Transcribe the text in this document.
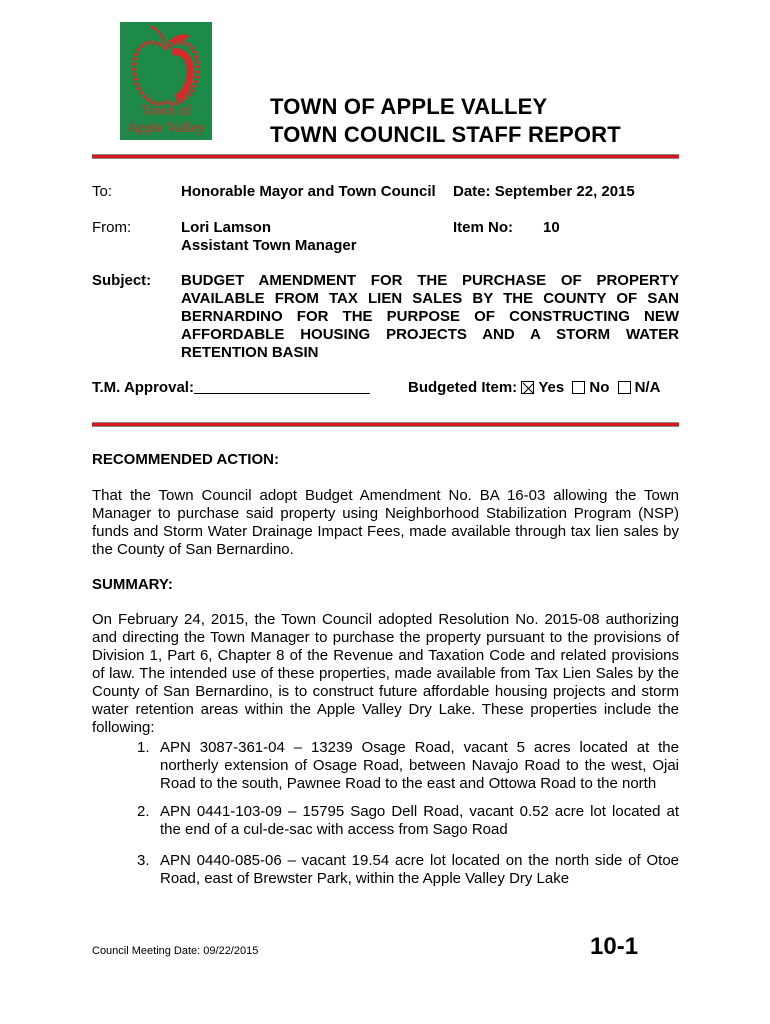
Town of
Apple Valley
TOWN OF APPLE VALLEY
TOWN COUNCIL STAFF REPORT
To:	Honorable Mayor and Town Council Date: September 22, 2015
From:	Lori Lamson
Assistant Town Manager
Item No: 10
Subject: BUDGET AMENDMENT FOR THE PURCHASE OF PROPERTY AVAILABLE FROM TAX LIEN SALES BY THE COUNTY OF SAN BERNARDINO FOR THE PURPOSE OF CONSTRUCTING NEW AFFORDABLE HOUSING PROJECTS AND A STORM WATER RETENTION BASIN
T.M. Approval:	Budgeted Item: Yes No N/A
RECOMMENDED ACTION:
That the Town Council adopt Budget Amendment No. BA 16-03 allowing the Town Manager to purchase said property using Neighborhood Stabilization Program (NSP) funds and Storm Water Drainage Impact Fees, made available through tax lien sales by the County of San Bernardino.
SUMMARY:
On February 24, 2015, the Town Council adopted Resolution No. 2015-08 authorizing and directing the Town Manager to purchase the property pursuant to the provisions of Division 1, Part 6, Chapter 8 of the Revenue and Taxation Code and related provisions of law. The intended use of these properties, made available from Tax Lien Sales by the County of San Bernardino, is to construct future affordable housing projects and storm water retention areas within the Apple Valley Dry Lake. These properties include the following:
1. APN 3087-361-04 – 13239 Osage Road, vacant 5 acres located at the northerly extension of Osage Road, between Navajo Road to the west, Ojai Road to the south, Pawnee Road to the east and Ottowa Road to the north
2. APN 0441-103-09 – 15795 Sago Dell Road, vacant 0.52 acre lot located at the end of a cul-de-sac with access from Sago Road
3. APN 0440-085-06 – vacant 19.54 acre lot located on the north side of Otoe Road, east of Brewster Park, within the Apple Valley Dry Lake
Council Meeting Date: 09/22/2015	10-1
